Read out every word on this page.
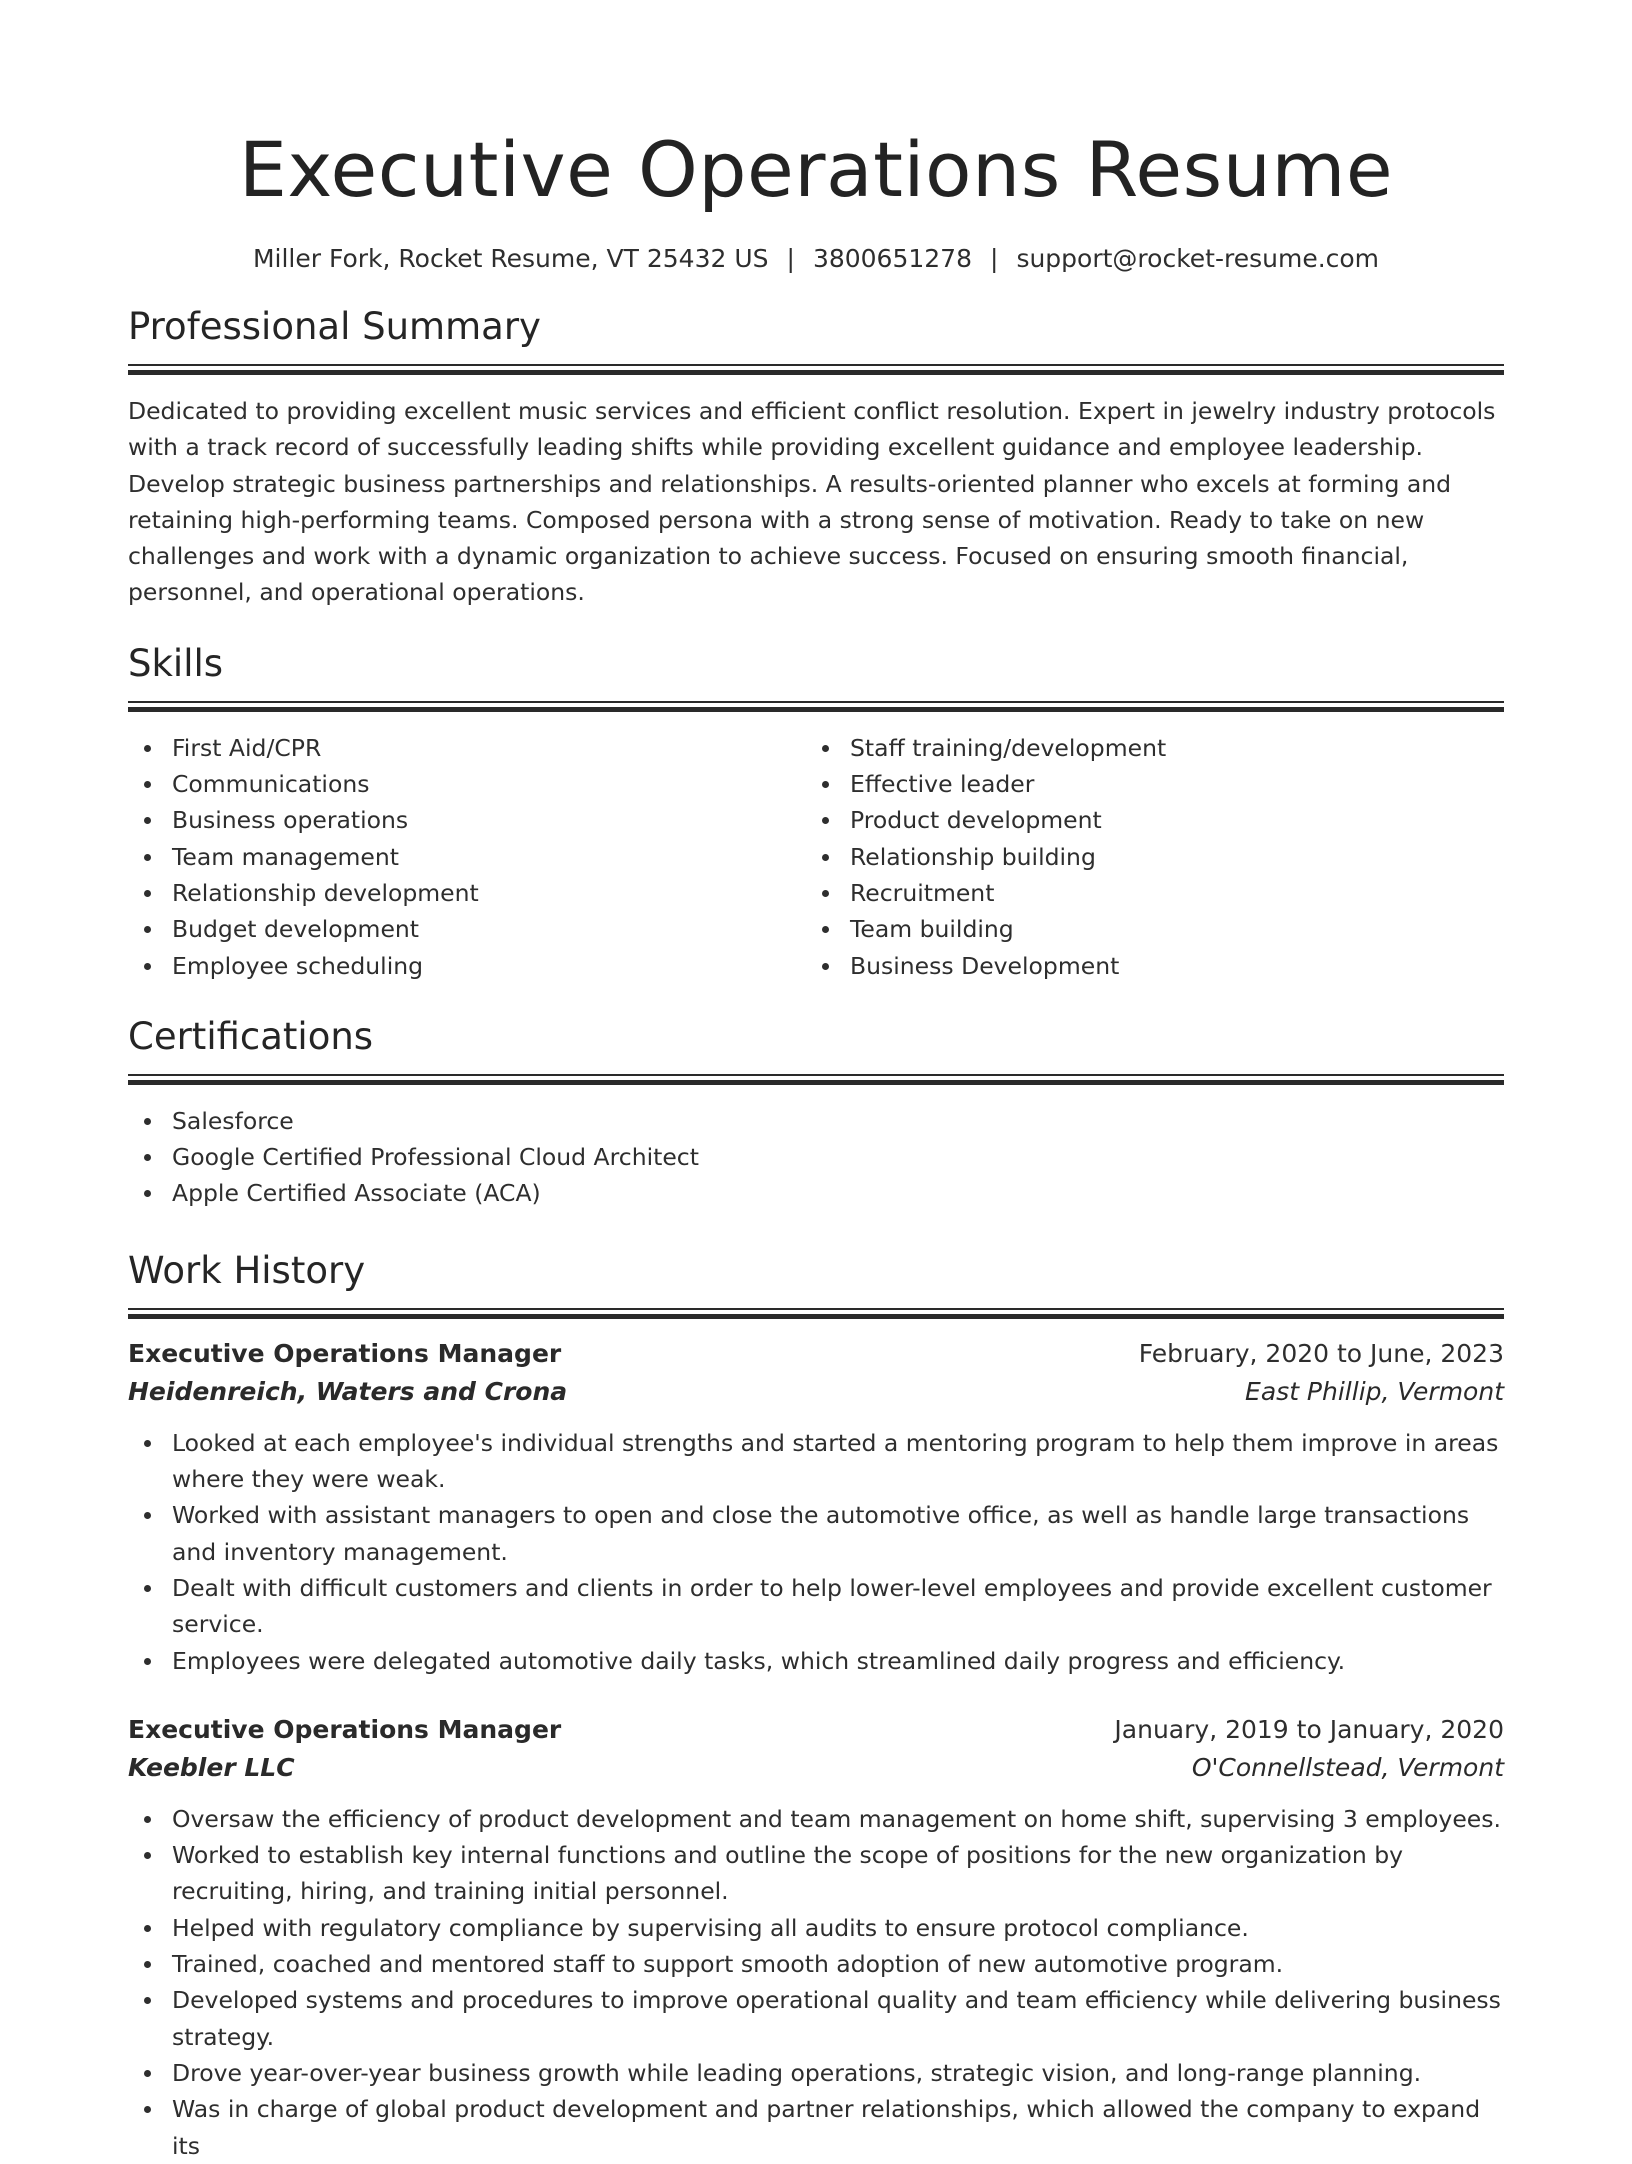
Executive Operations Resume
Miller Fork, Rocket Resume, VT 25432 US | 3800651278 | support@rocket-resume.com
Professional Summary
Dedicated to providing excellent music services and efficient conflict resolution. Expert in jewelry industry protocols with a track record of successfully leading shifts while providing excellent guidance and employee leadership. Develop strategic business partnerships and relationships. A results-oriented planner who excels at forming and retaining high-performing teams. Composed persona with a strong sense of motivation. Ready to take on new challenges and work with a dynamic organization to achieve success. Focused on ensuring smooth financial, personnel, and operational operations.
Skills
First Aid/CPR
Communications
Business operations
Team management
Relationship development
Budget development
Employee scheduling
Staff training/development
Effective leader
Product development
Relationship building
Recruitment
Team building
Business Development
Certifications
Salesforce
Google Certified Professional Cloud Architect
Apple Certified Associate (ACA)
Work History
Executive Operations Manager	February, 2020 to June, 2023
Heidenreich, Waters and Crona	East Phillip, Vermont
Looked at each employee's individual strengths and started a mentoring program to help them improve in areas where they were weak.
Worked with assistant managers to open and close the automotive office, as well as handle large transactions and inventory management.
Dealt with difficult customers and clients in order to help lower-level employees and provide excellent customer service.
Employees were delegated automotive daily tasks, which streamlined daily progress and efficiency.
Executive Operations Manager	January, 2019 to January, 2020
Keebler LLC	O'Connellstead, Vermont
Oversaw the efficiency of product development and team management on home shift, supervising 3 employees.
Worked to establish key internal functions and outline the scope of positions for the new organization by recruiting, hiring, and training initial personnel.
Helped with regulatory compliance by supervising all audits to ensure protocol compliance.
Trained, coached and mentored staff to support smooth adoption of new automotive program.
Developed systems and procedures to improve operational quality and team efficiency while delivering business strategy.
Drove year-over-year business growth while leading operations, strategic vision, and long-range planning.
Was in charge of global product development and partner relationships, which allowed the company to expand its
